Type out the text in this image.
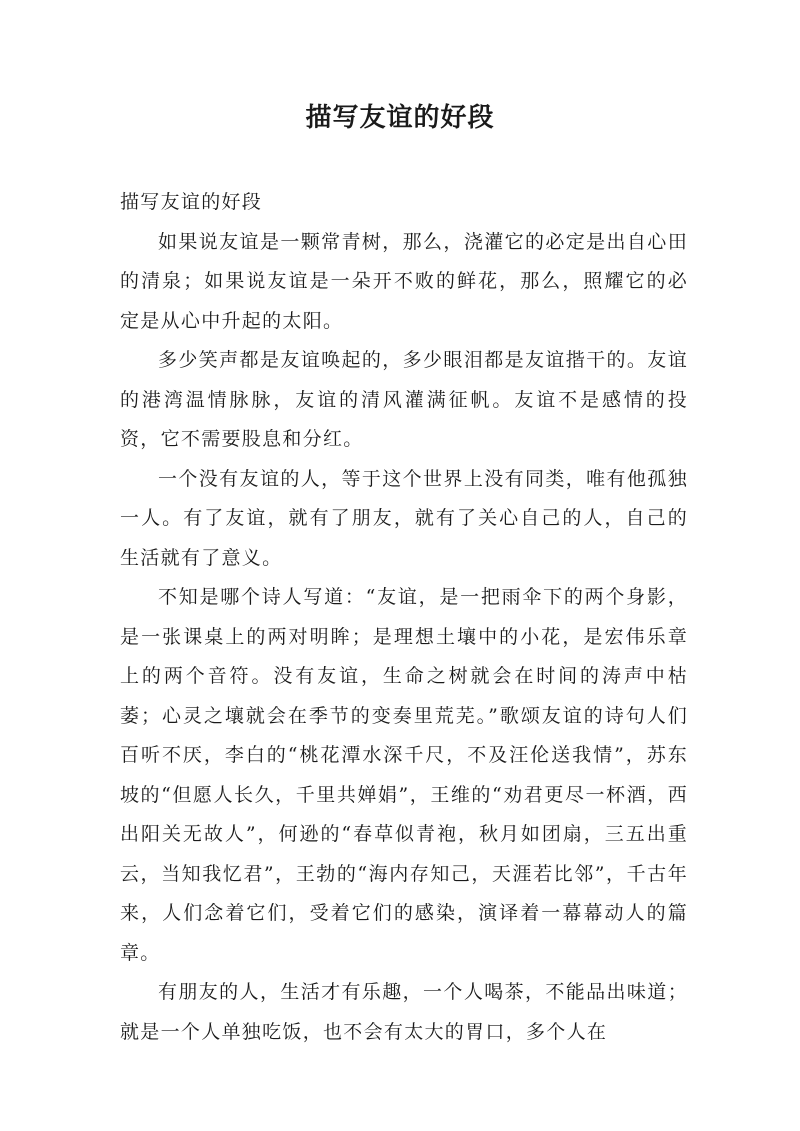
描写友谊的好段

描写友谊的好段

如果说友谊是一颗常青树，那么，浇灌它的必定是出自心田的清泉；如果说友谊是一朵开不败的鲜花，那么，照耀它的必定是从心中升起的太阳。

多少笑声都是友谊唤起的，多少眼泪都是友谊揩干的。友谊的港湾温情脉脉，友谊的清风灌满征帆。友谊不是感情的投资，它不需要股息和分红。

一个没有友谊的人，等于这个世界上没有同类，唯有他孤独一人。有了友谊，就有了朋友，就有了关心自己的人，自己的生活就有了意义。

不知是哪个诗人写道：“友谊，是一把雨伞下的两个身影，是一张课桌上的两对明眸；是理想土壤中的小花，是宏伟乐章上的两个音符。没有友谊，生命之树就会在时间的涛声中枯萎；心灵之壤就会在季节的变奏里荒芜。”歌颂友谊的诗句人们百听不厌，李白的“桃花潭水深千尺，不及汪伦送我情”，苏东坡的“但愿人长久，千里共婵娟”，王维的“劝君更尽一杯酒，西出阳关无故人”，何逊的“春草似青袍，秋月如团扇，三五出重云，当知我忆君”，王勃的“海内存知己，天涯若比邻”，千古年来，人们念着它们，受着它们的感染，演译着一幕幕动人的篇章。

有朋友的人，生活才有乐趣，一个人喝茶，不能品出味道；就是一个人单独吃饭，也不会有太大的胃口，多个人在
